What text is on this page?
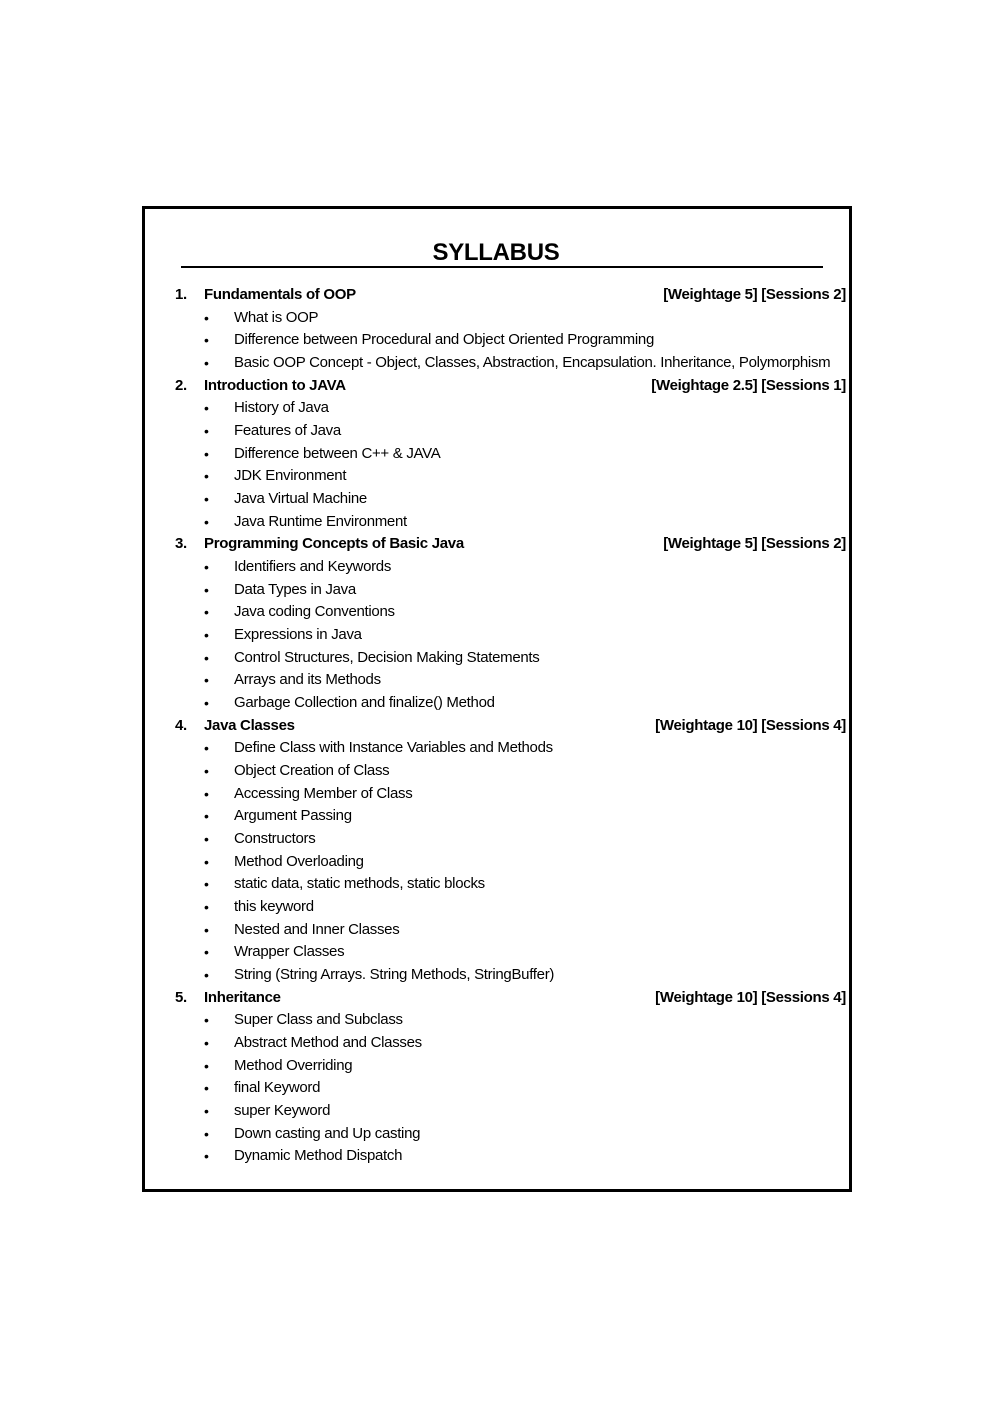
SYLLABUS
1. Fundamentals of OOP	[Weightage 5] [Sessions 2]
• What is OOP
• Difference between Procedural and Object Oriented Programming
• Basic OOP Concept - Object, Classes, Abstraction, Encapsulation. Inheritance, Polymorphism
2. Introduction to JAVA	[Weightage 2.5] [Sessions 1]
• History of Java
• Features of Java
• Difference between C++ & JAVA
• JDK Environment
• Java Virtual Machine
• Java Runtime Environment
3. Programming Concepts of Basic Java	[Weightage 5] [Sessions 2]
• Identifiers and Keywords
• Data Types in Java
• Java coding Conventions
• Expressions in Java
• Control Structures, Decision Making Statements
• Arrays and its Methods
• Garbage Collection and finalize() Method
4. Java Classes	[Weightage 10] [Sessions 4]
• Define Class with Instance Variables and Methods
• Object Creation of Class
• Accessing Member of Class
• Argument Passing
• Constructors
• Method Overloading
• static data, static methods, static blocks
• this keyword
• Nested and Inner Classes
• Wrapper Classes
• String (String Arrays. String Methods, StringBuffer)
5. Inheritance	[Weightage 10] [Sessions 4]
• Super Class and Subclass
• Abstract Method and Classes
• Method Overriding
• final Keyword
• super Keyword
• Down casting and Up casting
• Dynamic Method Dispatch
